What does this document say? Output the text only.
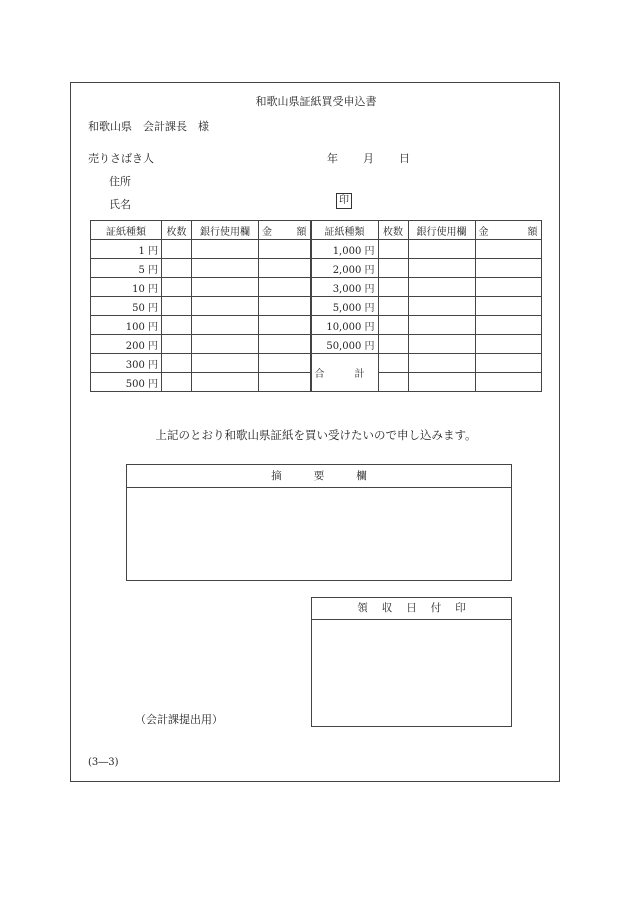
和歌山県証紙買受申込書
和歌山県　会計課長　様
売りさばき人	年 月 日
住所
氏名	印
証紙種類	枚数	銀行使用欄	金 額	証紙種類	枚数	銀行使用欄	金 額

1 円				1,000 円			
5 円				2,000 円			
10 円				3,000 円			
50 円				5,000 円			
100 円				10,000 円			
200 円				50,000 円			
300 円				合　計			
500 円							
上記のとおり和歌山県証紙を買い受けたいので申し込みます。
摘要欄
領収日付印
（会計課提出用）
(3―3)
